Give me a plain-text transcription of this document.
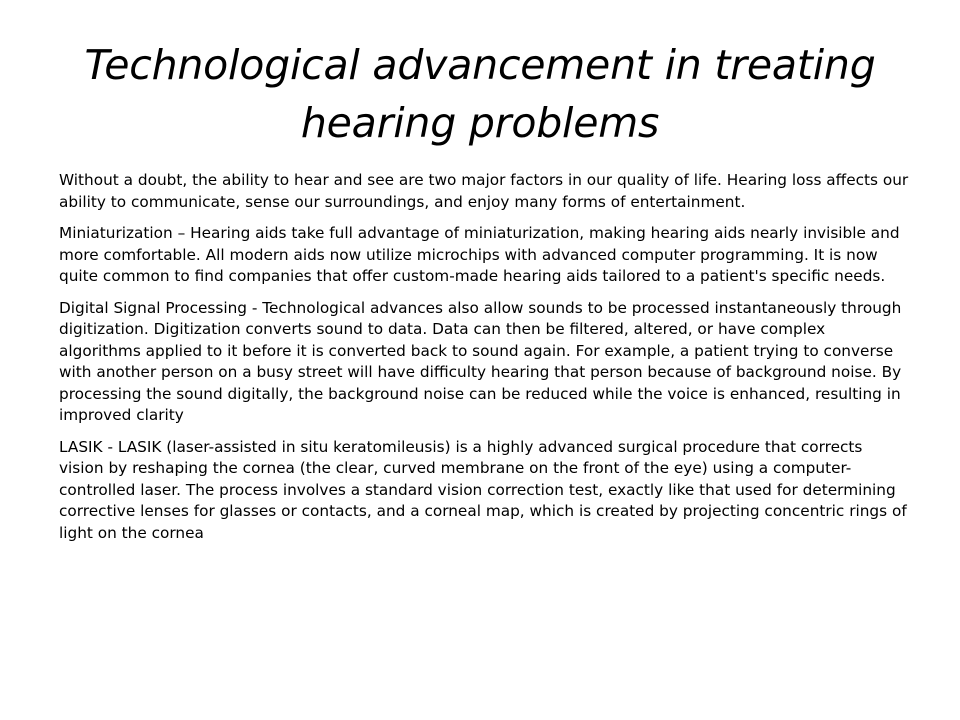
Technological advancement in treating hearing problems

Without a doubt, the ability to hear and see are two major factors in our quality of life. Hearing loss affects our ability to communicate, sense our surroundings, and enjoy many forms of entertainment.

Miniaturization – Hearing aids take full advantage of miniaturization, making hearing aids nearly invisible and more comfortable. All modern aids now utilize microchips with advanced computer programming. It is now quite common to find companies that offer custom-made hearing aids tailored to a patient's specific needs.

Digital Signal Processing - Technological advances also allow sounds to be processed instantaneously through digitization. Digitization converts sound to data. Data can then be filtered, altered, or have complex algorithms applied to it before it is converted back to sound again. For example, a patient trying to converse with another person on a busy street will have difficulty hearing that person because of background noise. By processing the sound digitally, the background noise can be reduced while the voice is enhanced, resulting in improved clarity

LASIK - LASIK (laser-assisted in situ keratomileusis) is a highly advanced surgical procedure that corrects vision by reshaping the cornea (the clear, curved membrane on the front of the eye) using a computer-controlled laser. The process involves a standard vision correction test, exactly like that used for determining corrective lenses for glasses or contacts, and a corneal map, which is created by projecting concentric rings of light on the cornea
